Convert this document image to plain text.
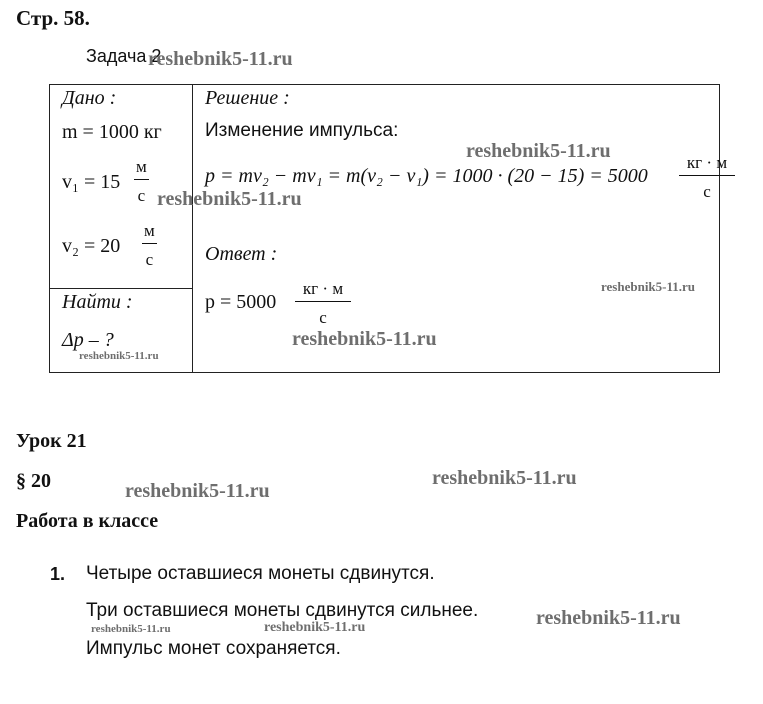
Стр. 58.
Задача 2
Дано :
m = 1000 кг
v₁ = 15
м
с
v₂ = 20
м
с

Решение :
Изменение импульса:
p = mv₂ − mv₁ = m(v₂ − v₁) = 1000 · (20 − 15) = 5000
кг · м
с
Ответ :
p = 5000
кг · м
с

Найти :
Δp – ?
Урок 21
§ 20
Работа в классе
1. Четыре оставшиеся монеты сдвинутся.
Три оставшиеся монеты сдвинутся сильнее.
Импульс монет сохраняется.
reshebnik5-11.ru
reshebnik5-11.ru
reshebnik5-11.ru
reshebnik5-11.ru
reshebnik5-11.ru
reshebnik5-11.ru
reshebnik5-11.ru
reshebnik5-11.ru
reshebnik5-11.ru
reshebnik5-11.ru	reshebnik5-11.ru
